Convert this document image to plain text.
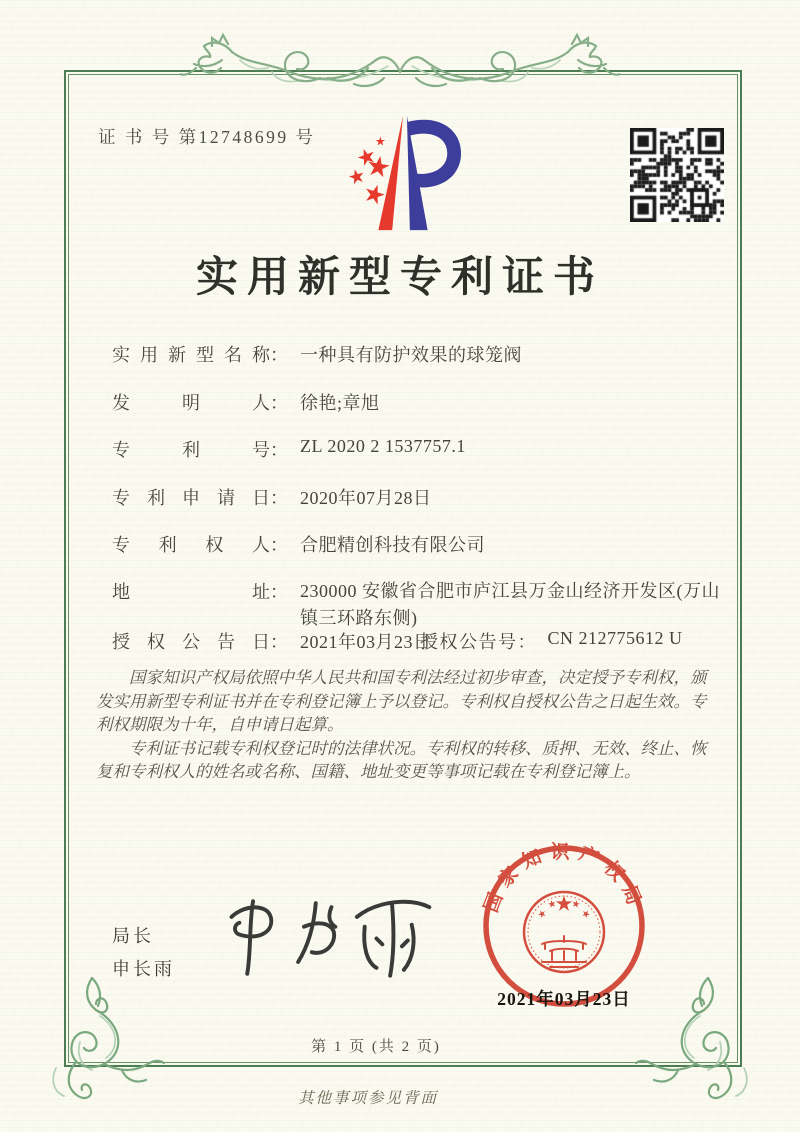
证 书 号 第12748699 号
实用新型专利证书
实用新型名称： 一种具有防护效果的球笼阀
发明人： 徐艳;章旭
专利号： ZL 2020 2 1537757.1
专利申请日： 2020年07月28日
专利权人： 合肥精创科技有限公司
地址： 230000 安徽省合肥市庐江县万金山经济开发区(万山镇三环路东侧)
授权公告日： 2021年03月23日
授权公告号： CN 212775612 U

国家知识产权局依照中华人民共和国专利法经过初步审查，决定授予专利权，颁发实用新型专利证书并在专利登记簿上予以登记。专利权自授权公告之日起生效。专利权期限为十年，自申请日起算。

专利证书记载专利权登记时的法律状况。专利权的转移、质押、无效、终止、恢复和专利权人的姓名或名称、国籍、地址变更等事项记载在专利登记簿上。

局长
申长雨
国家知识产权局
2021年03月23日
第 1 页 (共 2 页)
其他事项参见背面
